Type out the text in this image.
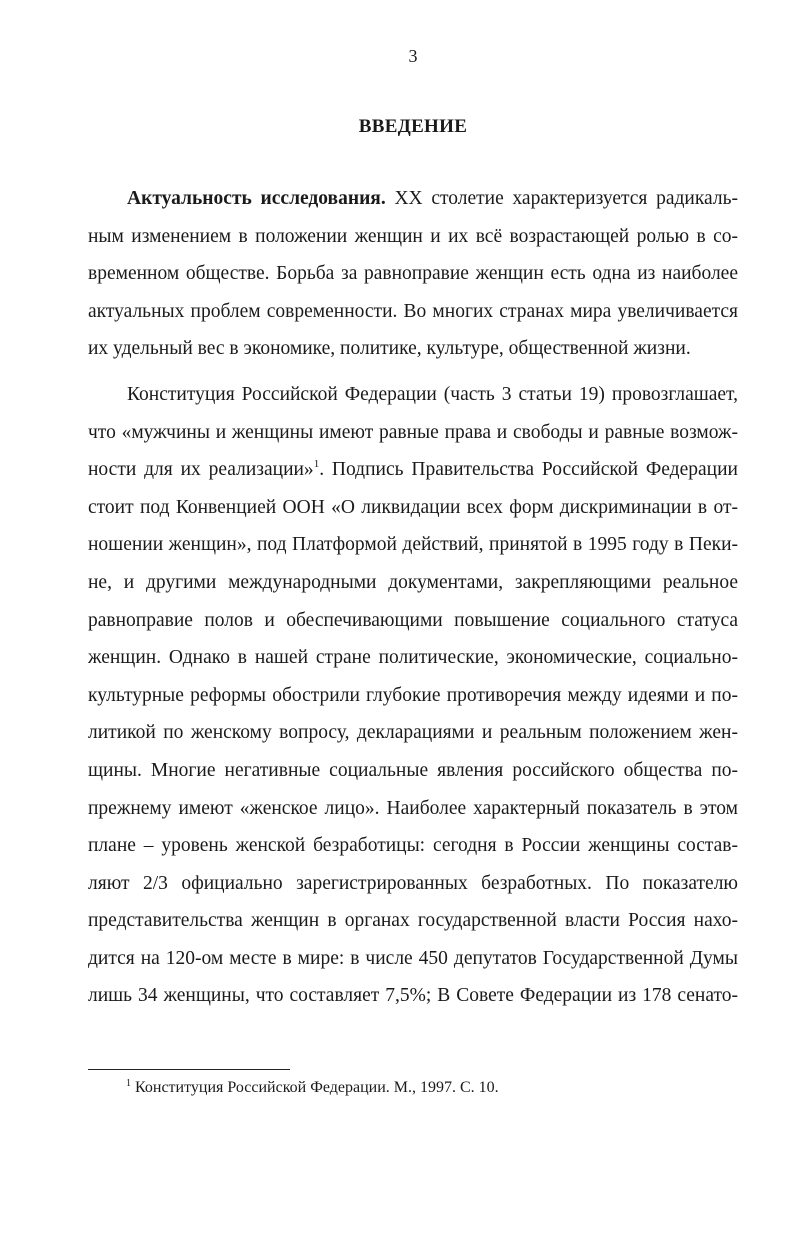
3
ВВЕДЕНИЕ
Актуальность исследования. XX столетие характеризуется радикаль-
ным изменением в положении женщин и их всё возрастающей ролью в со-
временном обществе. Борьба за равноправие женщин есть одна из наиболее
актуальных проблем современности. Во многих странах мира увеличивается
их удельный вес в экономике, политике, культуре, общественной жизни.
Конституция Российской Федерации (часть 3 статьи 19) провозглашает,
что «мужчины и женщины имеют равные права и свободы и равные возмож-
ности для их реализации»$^1$. Подпись Правительства Российской Федерации
стоит под Конвенцией ООН «О ликвидации всех форм дискриминации в от-
ношении женщин», под Платформой действий, принятой в 1995 году в Пеки-
не, и другими международными документами, закрепляющими реальное
равноправие полов и обеспечивающими повышение социального статуса
женщин. Однако в нашей стране политические, экономические, социально-
культурные реформы обострили глубокие противоречия между идеями и по-
литикой по женскому вопросу, декларациями и реальным положением жен-
щины. Многие негативные социальные явления российского общества по-
прежнему имеют «женское лицо». Наиболее характерный показатель в этом
плане – уровень женской безработицы: сегодня в России женщины состав-
ляют 2/3 официально зарегистрированных безработных. По показателю
представительства женщин в органах государственной власти Россия нахо-
дится на 120-ом месте в мире: в числе 450 депутатов Государственной Думы
лишь 34 женщины, что составляет 7,5%; В Совете Федерации из 178 сенато-
$^1$ Конституция Российской Федерации. М., 1997. С. 10.
